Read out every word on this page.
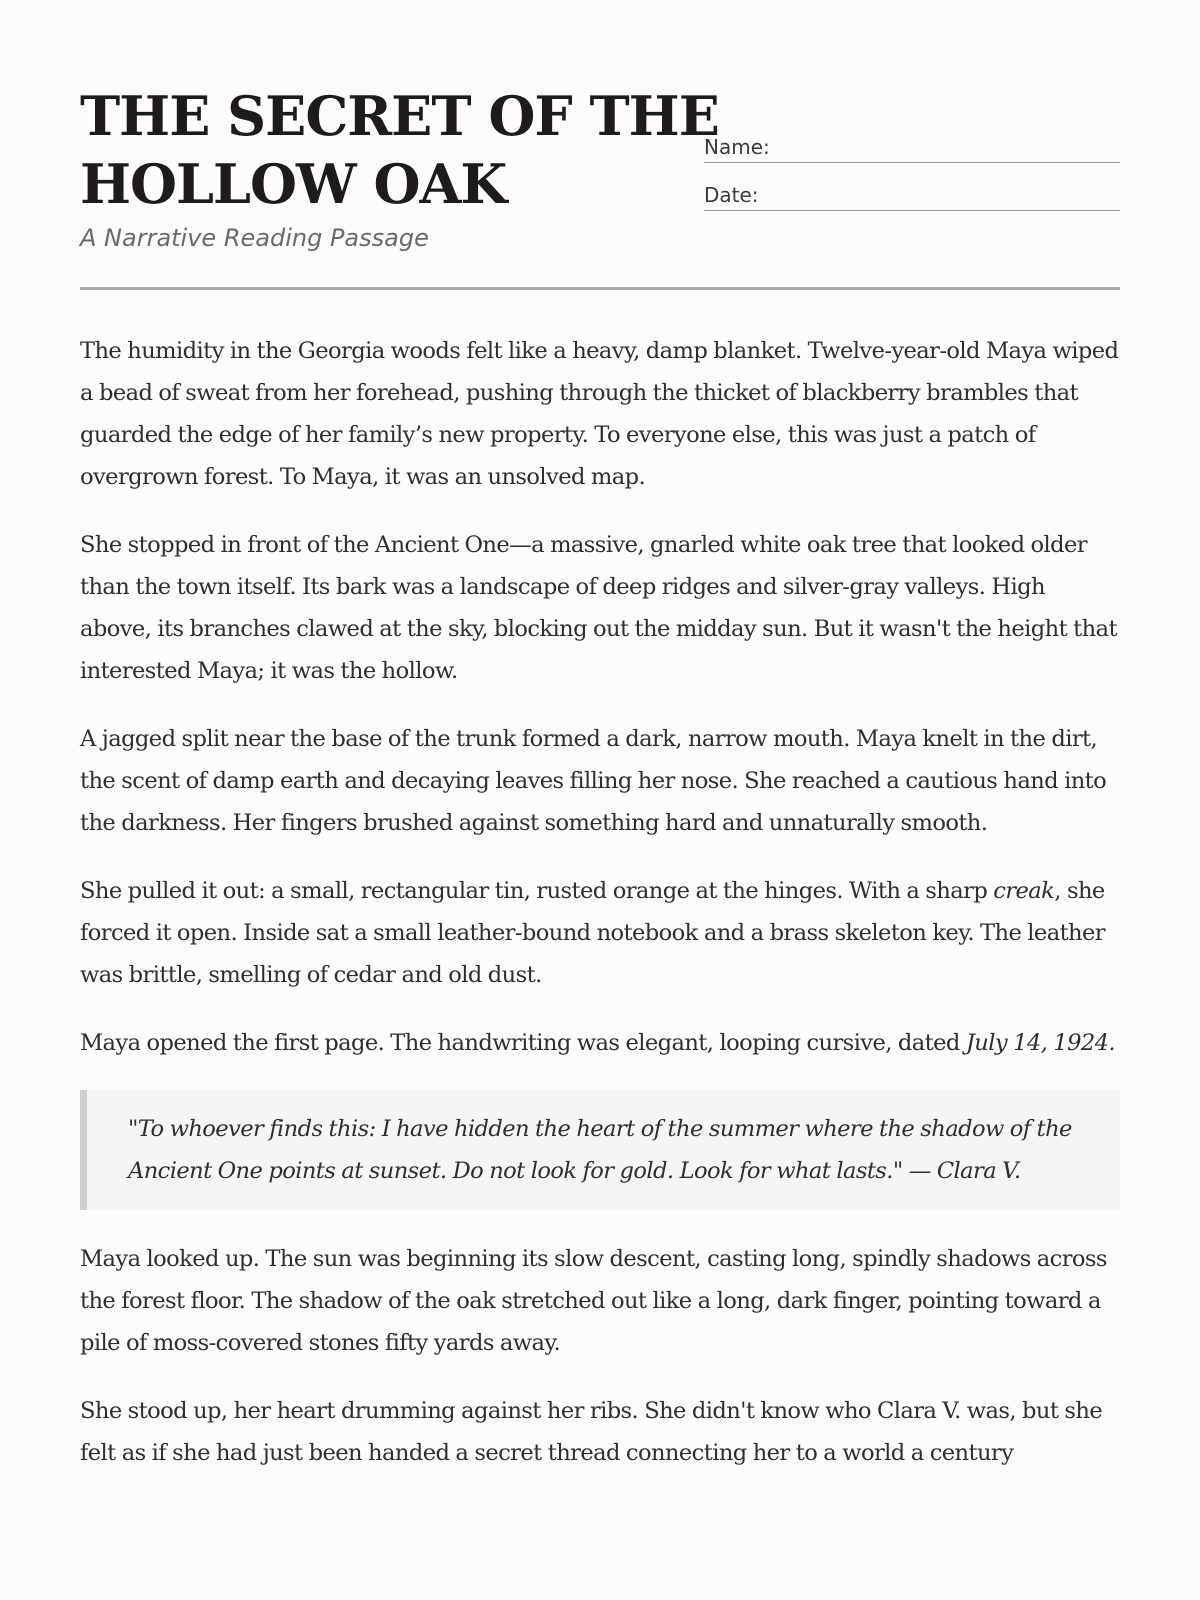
THE SECRET OF THE HOLLOW OAK
A Narrative Reading Passage
Name:
Date:

The humidity in the Georgia woods felt like a heavy, damp blanket. Twelve-year-old Maya wiped a bead of sweat from her forehead, pushing through the thicket of blackberry brambles that guarded the edge of her family’s new property. To everyone else, this was just a patch of overgrown forest. To Maya, it was an unsolved map.

She stopped in front of the Ancient One—a massive, gnarled white oak tree that looked older than the town itself. Its bark was a landscape of deep ridges and silver-gray valleys. High above, its branches clawed at the sky, blocking out the midday sun. But it wasn't the height that interested Maya; it was the hollow.

A jagged split near the base of the trunk formed a dark, narrow mouth. Maya knelt in the dirt, the scent of damp earth and decaying leaves filling her nose. She reached a cautious hand into the darkness. Her fingers brushed against something hard and unnaturally smooth.

She pulled it out: a small, rectangular tin, rusted orange at the hinges. With a sharp creak, she forced it open. Inside sat a small leather-bound notebook and a brass skeleton key. The leather was brittle, smelling of cedar and old dust.

Maya opened the first page. The handwriting was elegant, looping cursive, dated July 14, 1924.

"To whoever finds this: I have hidden the heart of the summer where the shadow of the Ancient One points at sunset. Do not look for gold. Look for what lasts." — Clara V.

Maya looked up. The sun was beginning its slow descent, casting long, spindly shadows across the forest floor. The shadow of the oak stretched out like a long, dark finger, pointing toward a pile of moss-covered stones fifty yards away.

She stood up, her heart drumming against her ribs. She didn't know who Clara V. was, but she felt as if she had just been handed a secret thread connecting her to a world a century
